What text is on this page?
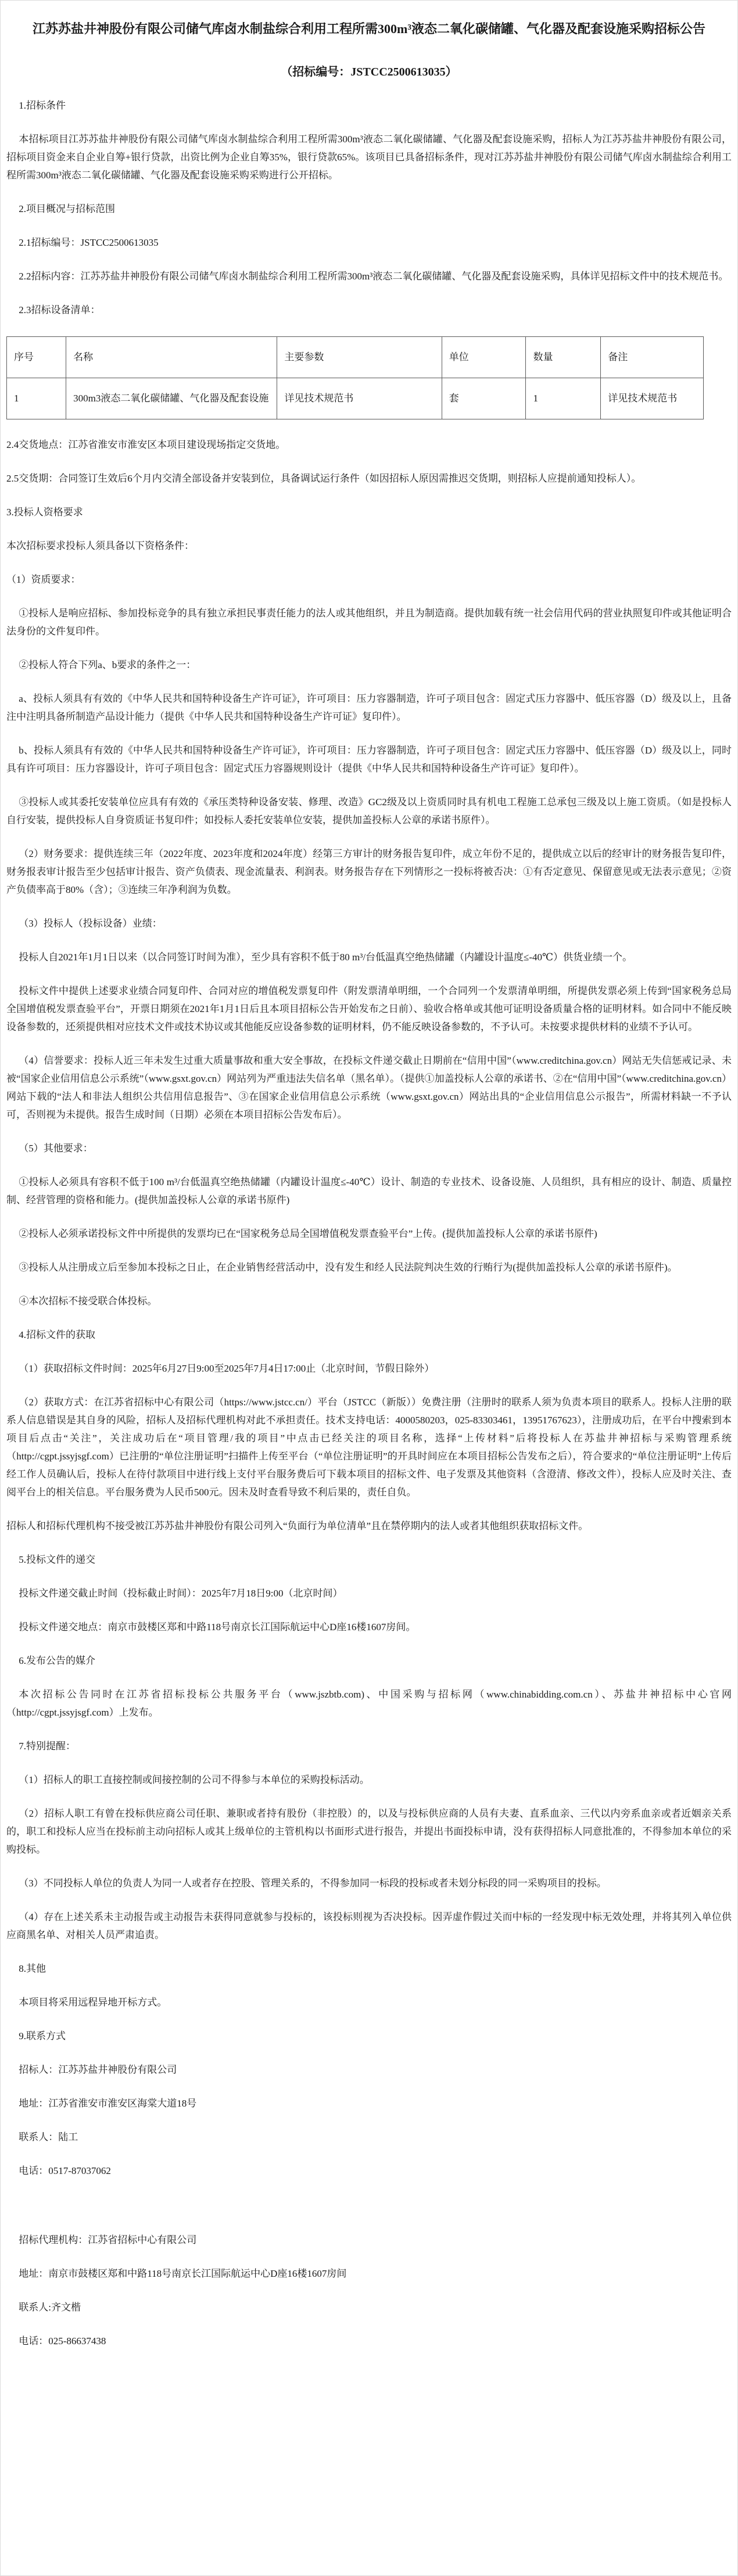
江苏苏盐井神股份有限公司储气库卤水制盐综合利用工程所需300m³液态二氧化碳储罐、气化器及配套设施采购招标公告

（招标编号：JSTCC2500613035）

1.招标条件

本招标项目江苏苏盐井神股份有限公司储气库卤水制盐综合利用工程所需300m³液态二氧化碳储罐、气化器及配套设施采购，招标人为江苏苏盐井神股份有限公司，招标项目资金来自企业自筹+银行贷款，出资比例为企业自筹35%，银行贷款65%。该项目已具备招标条件，现对江苏苏盐井神股份有限公司储气库卤水制盐综合利用工程所需300m³液态二氧化碳储罐、气化器及配套设施采购采购进行公开招标。

2.项目概况与招标范围

2.1招标编号：JSTCC2500613035

2.2招标内容：江苏苏盐井神股份有限公司储气库卤水制盐综合利用工程所需300m³液态二氧化碳储罐、气化器及配套设施采购，具体详见招标文件中的技术规范书。

2.3招标设备清单：

序号	名称	主要参数	单位	数量	备注
1	300m3液态二氧化碳储罐、气化器及配套设施	详见技术规范书	套	1	详见技术规范书

2.4交货地点：江苏省淮安市淮安区本项目建设现场指定交货地。

2.5交货期：合同签订生效后6个月内交清全部设备并安装到位，具备调试运行条件（如因招标人原因需推迟交货期，则招标人应提前通知投标人）。

3.投标人资格要求

本次招标要求投标人须具备以下资格条件：

（1）资质要求：

①投标人是响应招标、参加投标竞争的具有独立承担民事责任能力的法人或其他组织，并且为制造商。提供加载有统一社会信用代码的营业执照复印件或其他证明合法身份的文件复印件。

②投标人符合下列a、b要求的条件之一：

a、投标人须具有有效的《中华人民共和国特种设备生产许可证》，许可项目：压力容器制造，许可子项目包含：固定式压力容器中、低压容器（D）级及以上，且备注中注明具备所制造产品设计能力（提供《中华人民共和国特种设备生产许可证》复印件）。

b、投标人须具有有效的《中华人民共和国特种设备生产许可证》，许可项目：压力容器制造，许可子项目包含：固定式压力容器中、低压容器（D）级及以上，同时具有许可项目：压力容器设计，许可子项目包含：固定式压力容器规则设计（提供《中华人民共和国特种设备生产许可证》复印件）。

③投标人或其委托安装单位应具有有效的《承压类特种设备安装、修理、改造》GC2级及以上资质同时具有机电工程施工总承包三级及以上施工资质。（如是投标人自行安装，提供投标人自身资质证书复印件；如投标人委托安装单位安装，提供加盖投标人公章的承诺书原件）。

（2）财务要求：提供连续三年（2022年度、2023年度和2024年度）经第三方审计的财务报告复印件，成立年份不足的，提供成立以后的经审计的财务报告复印件，财务报表审计报告至少包括审计报告、资产负债表、现金流量表、利润表。财务报告存在下列情形之一投标将被否决：①有否定意见、保留意见或无法表示意见；②资产负债率高于80%（含）；③连续三年净利润为负数。

（3）投标人（投标设备）业绩：

投标人自2021年1月1日以来（以合同签订时间为准），至少具有容积不低于80 m³/台低温真空绝热储罐（内罐设计温度≤-40℃）供货业绩一个。

投标文件中提供上述要求业绩合同复印件、合同对应的增值税发票复印件（附发票清单明细，一个合同列一个发票清单明细，所提供发票必须上传到“国家税务总局全国增值税发票查验平台”，开票日期须在2021年1月1日后且本项目招标公告开始发布之日前）、验收合格单或其他可证明设备质量合格的证明材料。如合同中不能反映设备参数的，还须提供相对应技术文件或技术协议或其他能反应设备参数的证明材料，仍不能反映设备参数的，不予认可。未按要求提供材料的业绩不予认可。

（4）信誉要求：投标人近三年未发生过重大质量事故和重大安全事故，在投标文件递交截止日期前在“信用中国”（www.creditchina.gov.cn）网站无失信惩戒记录、未被“国家企业信用信息公示系统”（www.gsxt.gov.cn）网站列为严重违法失信名单（黑名单）。（提供①加盖投标人公章的承诺书、②在“信用中国”（www.creditchina.gov.cn）网站下载的“法人和非法人组织公共信用信息报告”、③在国家企业信用信息公示系统（www.gsxt.gov.cn）网站出具的“企业信用信息公示报告”，所需材料缺一不予认可，否则视为未提供。报告生成时间（日期）必须在本项目招标公告发布后）。

（5）其他要求：

①投标人必须具有容积不低于100 m³/台低温真空绝热储罐（内罐设计温度≤-40℃）设计、制造的专业技术、设备设施、人员组织，具有相应的设计、制造、质量控制、经营管理的资格和能力。(提供加盖投标人公章的承诺书原件)

②投标人必须承诺投标文件中所提供的发票均已在“国家税务总局全国增值税发票查验平台”上传。(提供加盖投标人公章的承诺书原件)

③投标人从注册成立后至参加本投标之日止，在企业销售经营活动中，没有发生和经人民法院判决生效的行贿行为(提供加盖投标人公章的承诺书原件)。

④本次招标不接受联合体投标。

4.招标文件的获取

（1）获取招标文件时间：2025年6月27日9:00至2025年7月4日17:00止（北京时间，节假日除外）

（2）获取方式：在江苏省招标中心有限公司（https://www.jstcc.cn/）平台（JSTCC（新版））免费注册（注册时的联系人须为负责本项目的联系人。投标人注册的联系人信息错误是其自身的风险，招标人及招标代理机构对此不承担责任。技术支持电话：4000580203，025-83303461，13951767623），注册成功后，在平台中搜索到本项目后点击“关注”，关注成功后在“项目管理/我的项目”中点击已经关注的项目名称，选择“上传材料”后将投标人在苏盐井神招标与采购管理系统（http://cgpt.jssyjsgf.com）已注册的“单位注册证明”扫描件上传至平台（“单位注册证明”的开具时间应在本项目招标公告发布之后），符合要求的“单位注册证明”上传后经工作人员确认后，投标人在待付款项目中进行线上支付平台服务费后可下载本项目的招标文件、电子发票及其他资料（含澄清、修改文件），投标人应及时关注、查阅平台上的相关信息。平台服务费为人民币500元。因未及时查看导致不利后果的，责任自负。

招标人和招标代理机构不接受被江苏苏盐井神股份有限公司列入“负面行为单位清单”且在禁停期内的法人或者其他组织获取招标文件。

5.投标文件的递交

投标文件递交截止时间（投标截止时间）：2025年7月18日9:00（北京时间）

投标文件递交地点：南京市鼓楼区郑和中路118号南京长江国际航运中心D座16楼1607房间。

6.发布公告的媒介

本次招标公告同时在江苏省招标投标公共服务平台（www.jszbtb.com)、中国采购与招标网（www.chinabidding.com.cn）、苏盐井神招标中心官网（http://cgpt.jssyjsgf.com）上发布。

7.特别提醒：

（1）招标人的职工直接控制或间接控制的公司不得参与本单位的采购投标活动。

（2）招标人职工有曾在投标供应商公司任职、兼职或者持有股份（非控股）的，以及与投标供应商的人员有夫妻、直系血亲、三代以内旁系血亲或者近姻亲关系的，职工和投标人应当在投标前主动向招标人或其上级单位的主管机构以书面形式进行报告，并提出书面投标申请，没有获得招标人同意批准的，不得参加本单位的采购投标。

（3）不同投标人单位的负责人为同一人或者存在控股、管理关系的，不得参加同一标段的投标或者未划分标段的同一采购项目的投标。

（4）存在上述关系未主动报告或主动报告未获得同意就参与投标的，该投标则视为否决投标。因弄虚作假过关而中标的一经发现中标无效处理，并将其列入单位供应商黑名单、对相关人员严肃追责。

8.其他

本项目将采用远程异地开标方式。

9.联系方式

招标人：江苏苏盐井神股份有限公司

地址：江苏省淮安市淮安区海棠大道18号

联系人：陆工

电话：0517-87037062

招标代理机构：江苏省招标中心有限公司

地址：南京市鼓楼区郑和中路118号南京长江国际航运中心D座16楼1607房间

联系人:齐文楷

电话：025-86637438
